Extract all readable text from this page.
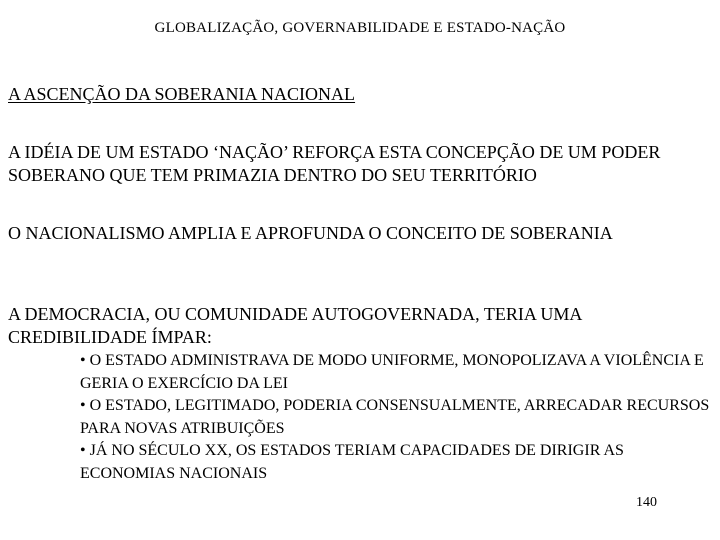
GLOBALIZAÇÃO, GOVERNABILIDADE E ESTADO-NAÇÃO
A ASCENÇÃO DA SOBERANIA NACIONAL
A IDÉIA DE UM ESTADO ‘NAÇÃO’ REFORÇA ESTA CONCEPÇÃO DE UM PODER SOBERANO QUE TEM PRIMAZIA DENTRO DO SEU TERRITÓRIO
O NACIONALISMO AMPLIA E APROFUNDA O CONCEITO DE SOBERANIA
A DEMOCRACIA, OU COMUNIDADE AUTOGOVERNADA, TERIA UMA CREDIBILIDADE ÍMPAR:
• O ESTADO ADMINISTRAVA DE MODO UNIFORME, MONOPOLIZAVA A VIOLÊNCIA E GERIA O EXERCÍCIO DA LEI
• O ESTADO, LEGITIMADO, PODERIA CONSENSUALMENTE, ARRECADAR RECURSOS PARA NOVAS ATRIBUIÇÕES
• JÁ NO SÉCULO XX, OS ESTADOS TERIAM CAPACIDADES DE DIRIGIR AS ECONOMIAS NACIONAIS
140
